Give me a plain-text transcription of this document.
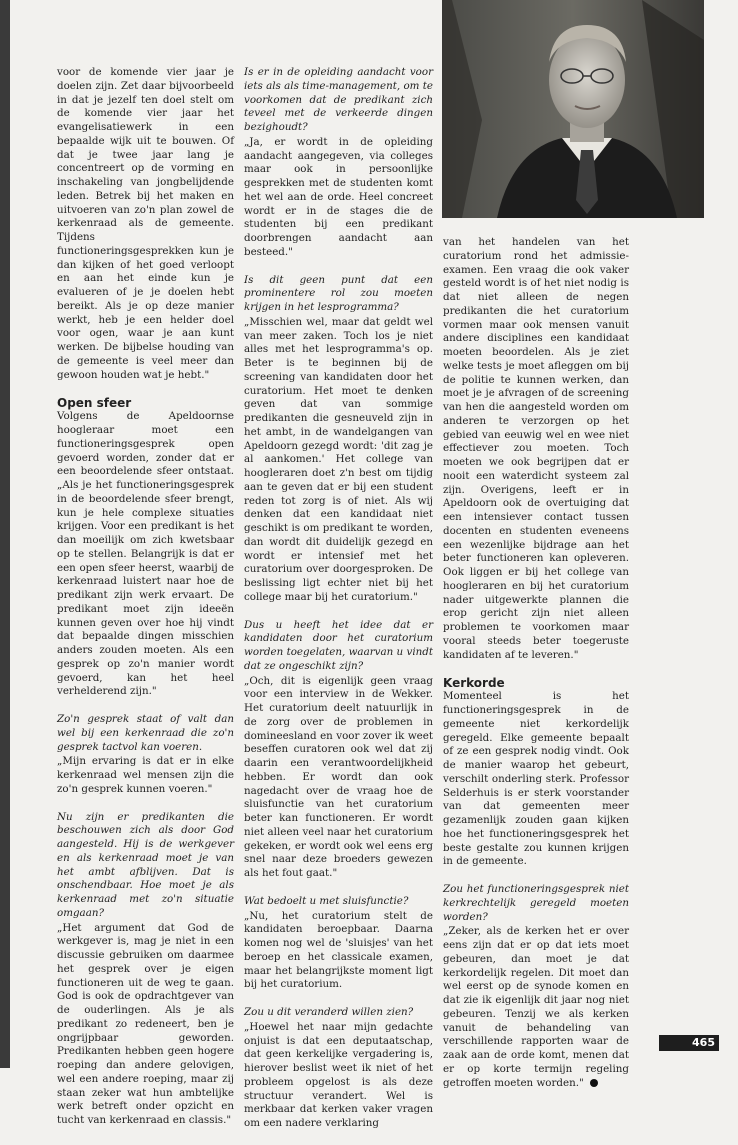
voor de komende vier jaar je doelen zijn. Zet daar bijvoorbeeld in dat je jezelf ten doel stelt om de komende vier jaar het evangelisatiewerk in een bepaalde wijk uit te bouwen. Of dat je twee jaar lang je concentreert op de vorming en inschakeling van jongbelijdende leden. Betrek bij het maken en uitvoeren van zo'n plan zowel de kerkenraad als de gemeente. Tijdens functioneringsgesprekken kun je dan kijken of het goed verloopt en aan het einde kun je evalueren of je je doelen hebt bereikt. Als je op deze manier werkt, heb je een helder doel voor ogen, waar je aan kunt werken. De bijbelse houding van de gemeente is veel meer dan gewoon houden wat je hebt."
Open sfeer
Volgens de Apeldoornse hoogleraar moet een functioneringsgesprek open gevoerd worden, zonder dat er een beoordelende sfeer ontstaat. „Als je het functioneringsgesprek in de beoordelende sfeer brengt, kun je hele complexe situaties krijgen. Voor een predikant is het dan moeilijk om zich kwetsbaar op te stellen. Belangrijk is dat er een open sfeer heerst, waarbij de kerkenraad luistert naar hoe de predikant zijn werk ervaart. De predikant moet zijn ideeën kunnen geven over hoe hij vindt dat bepaalde dingen misschien anders zouden moeten. Als een gesprek op zo'n manier wordt gevoerd, kan het heel verhelderend zijn."
Zo'n gesprek staat of valt dan wel bij een kerkenraad die zo'n gesprek tactvol kan voeren.
„Mijn ervaring is dat er in elke kerkenraad wel mensen zijn die zo'n gesprek kunnen voeren."
Nu zijn er predikanten die beschouwen zich als door God aangesteld. Hij is de werkgever en als kerkenraad moet je van het ambt afblijven. Dat is onschendbaar. Hoe moet je als kerkenraad met zo'n situatie omgaan?
„Het argument dat God de werkgever is, mag je niet in een discussie gebruiken om daarmee het gesprek over je eigen functioneren uit de weg te gaan. God is ook de opdrachtgever van de ouderlingen. Als je als predikant zo redeneert, ben je ongrijpbaar geworden. Predikanten hebben geen hogere roeping dan andere gelovigen, wel een andere roeping, maar zij staan zeker wat hun ambtelijke werk betreft onder opzicht en tucht van kerkenraad en classis."
Is er in de opleiding aandacht voor iets als als time-management, om te voorkomen dat de predikant zich teveel met de verkeerde dingen bezighoudt?
„Ja, er wordt in de opleiding aandacht aangegeven, via colleges maar ook in persoonlijke gesprekken met de studenten komt het wel aan de orde. Heel concreet wordt er in de stages die de studenten bij een predikant doorbrengen aandacht aan besteed."
Is dit geen punt dat een prominentere rol zou moeten krijgen in het lesprogramma?
„Misschien wel, maar dat geldt wel van meer zaken. Toch los je niet alles met het lesprogramma's op. Beter is te beginnen bij de screening van kandidaten door het curatorium. Het moet te denken geven dat van sommige predikanten die gesneuveld zijn in het ambt, in de wandelgangen van Apeldoorn gezegd wordt: 'dit zag je al aankomen.' Het college van hoogleraren doet z'n best om tijdig aan te geven dat er bij een student reden tot zorg is of niet. Als wij denken dat een kandidaat niet geschikt is om predikant te worden, dan wordt dit duidelijk gezegd en wordt er intensief met het curatorium over doorgesproken. De beslissing ligt echter niet bij het college maar bij het curatorium."
Dus u heeft het idee dat er kandidaten door het curatorium worden toegelaten, waarvan u vindt dat ze ongeschikt zijn?
„Och, dit is eigenlijk geen vraag voor een interview in de Wekker. Het curatorium deelt natuurlijk in de zorg over de problemen in domineesland en voor zover ik weet beseffen curatoren ook wel dat zij daarin een verantwoordelijkheid hebben. Er wordt dan ook nagedacht over de vraag hoe de sluisfunctie van het curatorium beter kan functioneren. Er wordt niet alleen veel naar het curatorium gekeken, er wordt ook wel eens erg snel naar deze broeders gewezen als het fout gaat."
Wat bedoelt u met sluisfunctie?
„Nu, het curatorium stelt de kandidaten beroepbaar. Daarna komen nog wel de 'sluisjes' van het beroep en het classicale examen, maar het belangrijkste moment ligt bij het curatorium.
Zou u dit veranderd willen zien?
„Hoewel het naar mijn gedachte onjuist is dat een deputaatschap, dat geen kerkelijke vergadering is, hierover beslist weet ik niet of het probleem opgelost is als deze structuur verandert. Wel is merkbaar dat kerken vaker vragen om een nadere verklaring
van het handelen van het curatorium rond het admissie-examen. Een vraag die ook vaker gesteld wordt is of het niet nodig is dat niet alleen de negen predikanten die het curatorium vormen maar ook mensen vanuit andere disciplines een kandidaat moeten beoordelen. Als je ziet welke tests je moet afleggen om bij de politie te kunnen werken, dan moet je je afvragen of de screening van hen die aangesteld worden om anderen te verzorgen op het gebied van eeuwig wel en wee niet effectiever zou moeten. Toch moeten we ook begrijpen dat er nooit een waterdicht systeem zal zijn. Overigens, leeft er in Apeldoorn ook de overtuiging dat een intensiever contact tussen docenten en studenten eveneens een wezenlijke bijdrage aan het beter functioneren kan opleveren. Ook liggen er bij het college van hoogleraren en bij het curatorium nader uitgewerkte plannen die erop gericht zijn niet alleen problemen te voorkomen maar vooral steeds beter toegeruste kandidaten af te leveren."
Kerkorde
Momenteel is het functioneringsgesprek in de gemeente niet kerkordelijk geregeld. Elke gemeente bepaalt of ze een gesprek nodig vindt. Ook de manier waarop het gebeurt, verschilt onderling sterk. Professor Selderhuis is er sterk voorstander van dat gemeenten meer gezamenlijk zouden gaan kijken hoe het functioneringsgesprek het beste gestalte zou kunnen krijgen in de gemeente.
Zou het functioneringsgesprek niet kerkrechtelijk geregeld moeten worden?
„Zeker, als de kerken het er over eens zijn dat er op dat iets moet gebeuren, dan moet je dat kerkordelijk regelen. Dit moet dan wel eerst op de synode komen en dat zie ik eigenlijk dit jaar nog niet gebeuren. Tenzij we als kerken vanuit de behandeling van verschillende rapporten waar de zaak aan de orde komt, menen dat er op korte termijn regeling getroffen moeten worden."
465
